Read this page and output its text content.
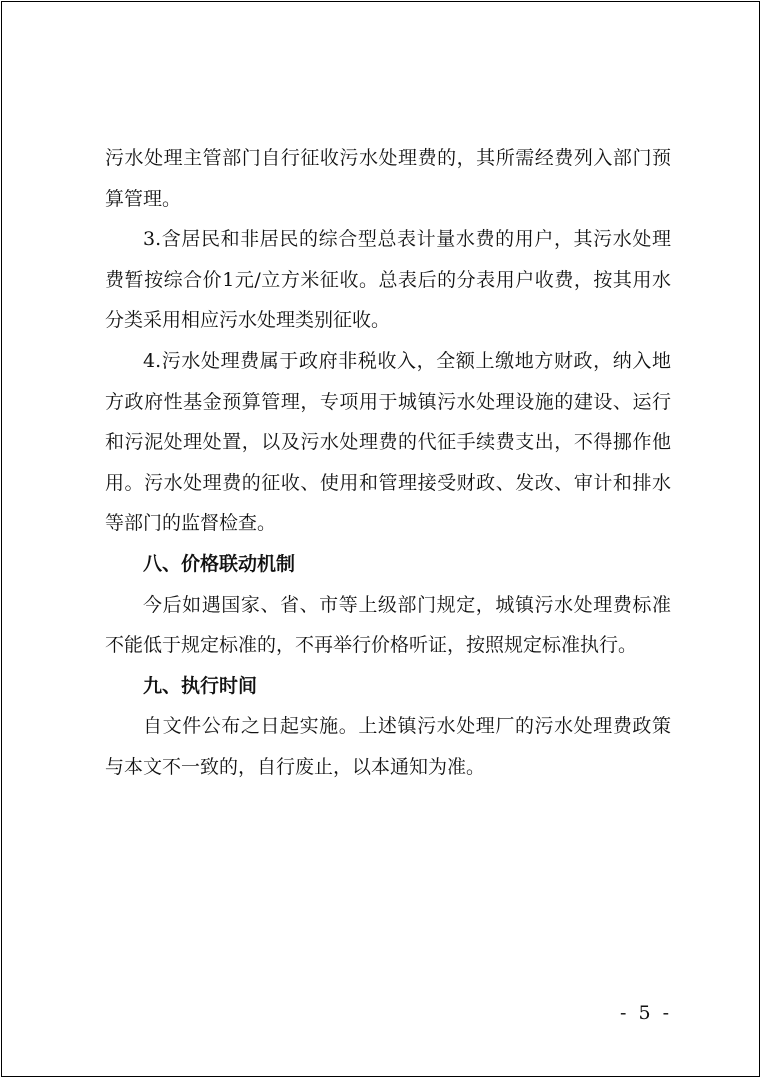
污水处理主管部门自行征收污水处理费的，其所需经费列入部门预算管理。

3.含居民和非居民的综合型总表计量水费的用户，其污水处理费暂按综合价1元/立方米征收。总表后的分表用户收费，按其用水分类采用相应污水处理类别征收。

4.污水处理费属于政府非税收入，全额上缴地方财政，纳入地方政府性基金预算管理，专项用于城镇污水处理设施的建设、运行和污泥处理处置，以及污水处理费的代征手续费支出，不得挪作他用。污水处理费的征收、使用和管理接受财政、发改、审计和排水等部门的监督检查。

八、价格联动机制

今后如遇国家、省、市等上级部门规定，城镇污水处理费标准不能低于规定标准的，不再举行价格听证，按照规定标准执行。

九、执行时间

自文件公布之日起实施。上述镇污水处理厂的污水处理费政策与本文不一致的，自行废止，以本通知为准。

- 5 -
